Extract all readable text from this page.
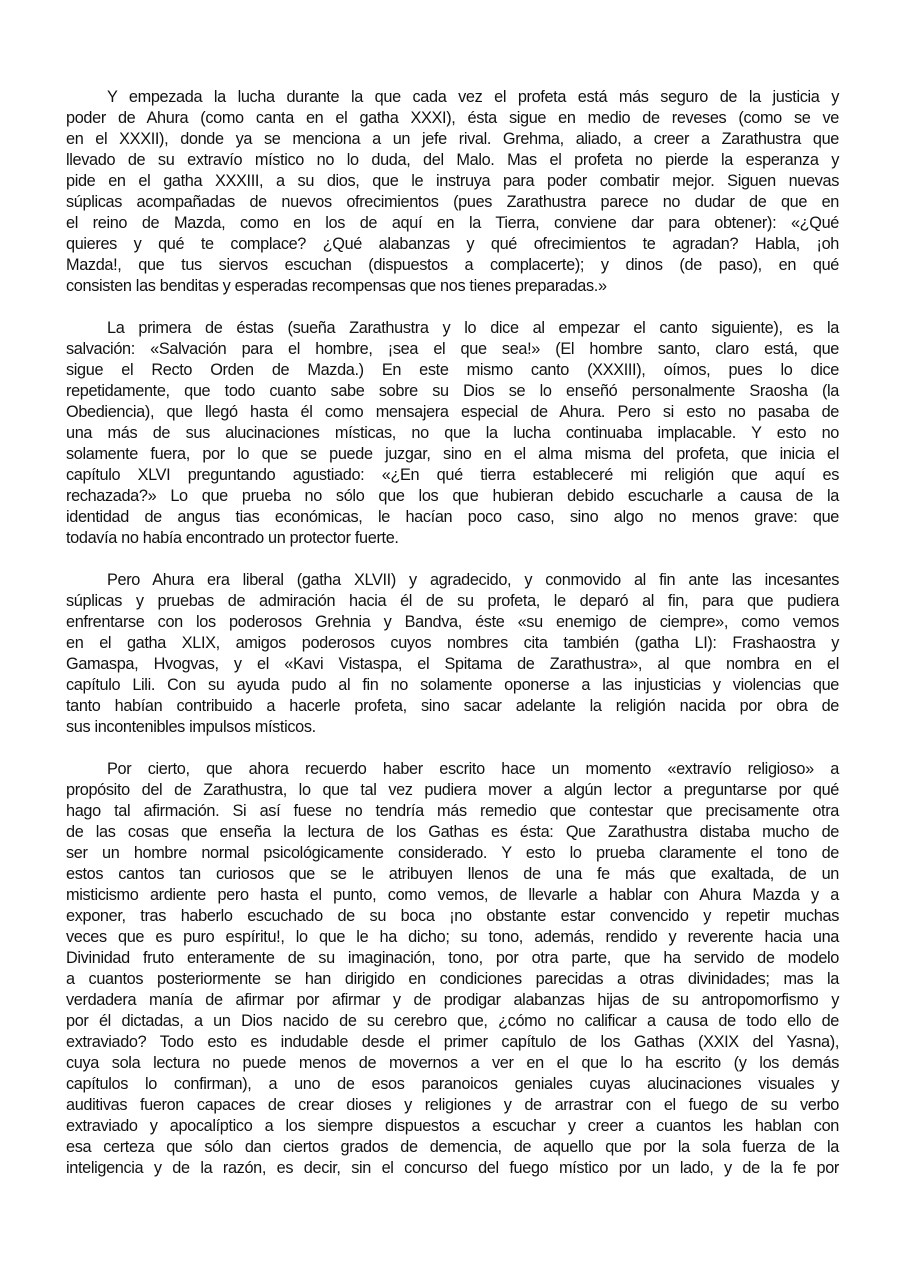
Y empezada la lucha durante la que cada vez el profeta está más seguro de la justicia y
poder de Ahura (como canta en el gatha XXXI), ésta sigue en medio de reveses (como se ve
en el XXXII), donde ya se menciona a un jefe rival. Grehma, aliado, a creer a Zarathustra que
llevado de su extravío místico no lo duda, del Malo. Mas el profeta no pierde la esperanza y
pide en el gatha XXXIII, a su dios, que le instruya para poder combatir mejor. Siguen nuevas
súplicas acompañadas de nuevos ofrecimientos (pues Zarathustra parece no dudar de que en
el reino de Mazda, como en los de aquí en la Tierra, conviene dar para obtener): «¿Qué
quieres y qué te complace? ¿Qué alabanzas y qué ofrecimientos te agradan? Habla, ¡oh
Mazda!, que tus siervos escuchan (dispuestos a complacerte); y dinos (de paso), en qué
consisten las benditas y esperadas recompensas que nos tienes preparadas.»
La primera de éstas (sueña Zarathustra y lo dice al empezar el canto siguiente), es la
salvación: «Salvación para el hombre, ¡sea el que sea!» (El hombre santo, claro está, que
sigue el Recto Orden de Mazda.) En este mismo canto (XXXIII), oímos, pues lo dice
repetidamente, que todo cuanto sabe sobre su Dios se lo enseñó personalmente Sraosha (la
Obediencia), que llegó hasta él como mensajera especial de Ahura. Pero si esto no pasaba de
una más de sus alucinaciones místicas, no que la lucha continuaba implacable. Y esto no
solamente fuera, por lo que se puede juzgar, sino en el alma misma del profeta, que inicia el
capítulo XLVI preguntando agustiado: «¿En qué tierra estableceré mi religión que aquí es
rechazada?» Lo que prueba no sólo que los que hubieran debido escucharle a causa de la
identidad de angus tias económicas, le hacían poco caso, sino algo no menos grave: que
todavía no había encontrado un protector fuerte.
Pero Ahura era liberal (gatha XLVII) y agradecido, y conmovido al fin ante las incesantes
súplicas y pruebas de admiración hacia él de su profeta, le deparó al fin, para que pudiera
enfrentarse con los poderosos Grehnia y Bandva, éste «su enemigo de ciempre», como vemos
en el gatha XLIX, amigos poderosos cuyos nombres cita también (gatha LI): Frashaostra y
Gamaspa, Hvogvas, y el «Kavi Vistaspa, el Spitama de Zarathustra», al que nombra en el
capítulo Lili. Con su ayuda pudo al fin no solamente oponerse a las injusticias y violencias que
tanto habían contribuido a hacerle profeta, sino sacar adelante la religión nacida por obra de
sus incontenibles impulsos místicos.
Por cierto, que ahora recuerdo haber escrito hace un momento «extravío religioso» a
propósito del de Zarathustra, lo que tal vez pudiera mover a algún lector a preguntarse por qué
hago tal afirmación. Si así fuese no tendría más remedio que contestar que precisamente otra
de las cosas que enseña la lectura de los Gathas es ésta: Que Zarathustra distaba mucho de
ser un hombre normal psicológicamente considerado. Y esto lo prueba claramente el tono de
estos cantos tan curiosos que se le atribuyen llenos de una fe más que exaltada, de un
misticismo ardiente pero hasta el punto, como vemos, de llevarle a hablar con Ahura Mazda y a
exponer, tras haberlo escuchado de su boca ¡no obstante estar convencido y repetir muchas
veces que es puro espíritu!, lo que le ha dicho; su tono, además, rendido y reverente hacia una
Divinidad fruto enteramente de su imaginación, tono, por otra parte, que ha servido de modelo
a cuantos posteriormente se han dirigido en condiciones parecidas a otras divinidades; mas la
verdadera manía de afirmar por afirmar y de prodigar alabanzas hijas de su antropomorfismo y
por él dictadas, a un Dios nacido de su cerebro que, ¿cómo no calificar a causa de todo ello de
extraviado? Todo esto es indudable desde el primer capítulo de los Gathas (XXIX del Yasna),
cuya sola lectura no puede menos de movernos a ver en el que lo ha escrito (y los demás
capítulos lo confirman), a uno de esos paranoicos geniales cuyas alucinaciones visuales y
auditivas fueron capaces de crear dioses y religiones y de arrastrar con el fuego de su verbo
extraviado y apocalíptico a los siempre dispuestos a escuchar y creer a cuantos les hablan con
esa certeza que sólo dan ciertos grados de demencia, de aquello que por la sola fuerza de la
inteligencia y de la razón, es decir, sin el concurso del fuego místico por un lado, y de la fe por
